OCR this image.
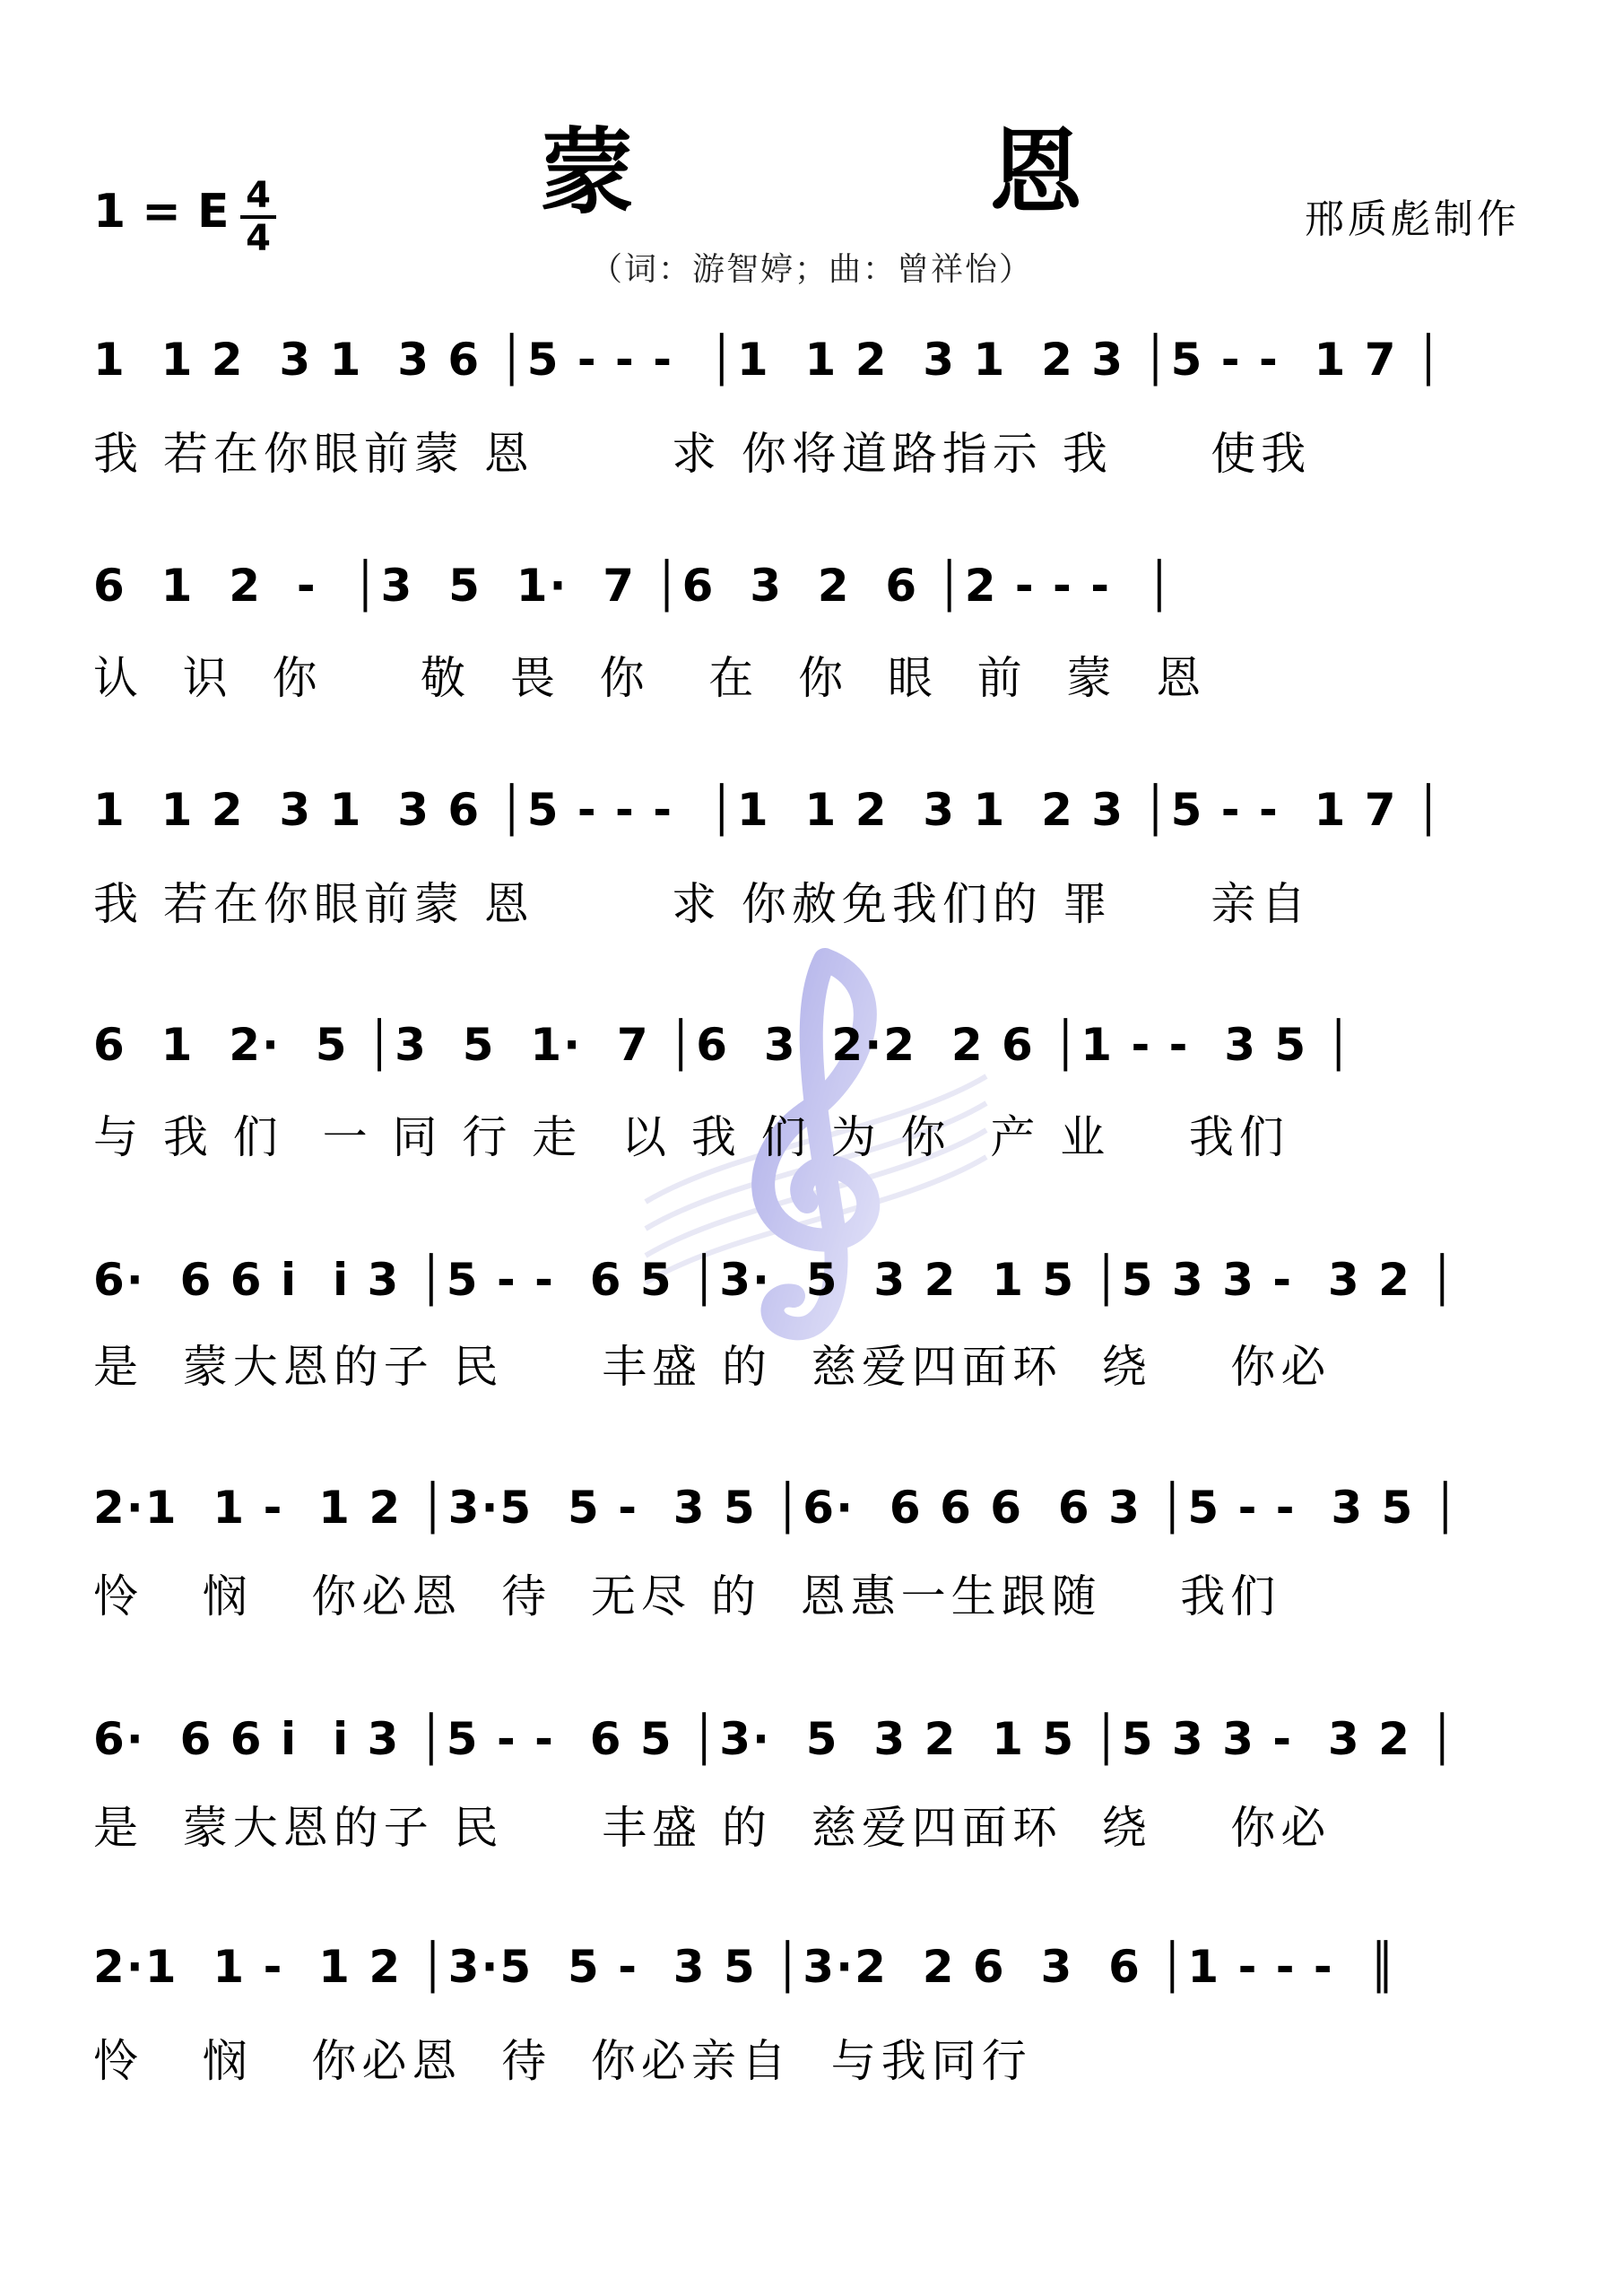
蒙 恩	邢质彪制作
1 = E 4
4
（词：游智婷；曲：曾祥怡）
1  1 2  3 1  3 6 │5 - - -  │1  1 2  3 1  2 3 │5 - -  1 7 │
我 若在你眼前蒙 恩       求 你将道路指示 我     使我
6  1  2  -  │3  5  1·  7 │6  3  2  6 │2 - - -  │
认  识  你     敬  畏  你   在  你  眼  前  蒙  恩
1  1 2  3 1  3 6 │5 - - -  │1  1 2  3 1  2 3 │5 - -  1 7 │
我 若在你眼前蒙 恩       求 你赦免我们的 罪     亲自
6  1  2·  5 │3  5  1·  7 │6  3  2·2  2 6 │1 - -  3 5 │
与 我 们  一 同 行 走  以 我 们 为 你  产 业    我们
6·  6 6 i  i 3 │5 - -  6 5 │3·  5  3 2  1 5 │5 3 3 -  3 2 │
是  蒙大恩的子 民     丰盛 的  慈爱四面环  绕    你必
2·1  1 -  1 2 │3·5  5 -  3 5 │6·  6 6 6  6 3 │5 - -  3 5 │
怜   悯   你必恩  待  无尽 的  恩惠一生跟随    我们
6·  6 6 i  i 3 │5 - -  6 5 │3·  5  3 2  1 5 │5 3 3 -  3 2 │
是  蒙大恩的子 民     丰盛 的  慈爱四面环  绕    你必
2·1  1 -  1 2 │3·5  5 -  3 5 │3·2  2 6  3  6 │1 - - -  ║
怜   悯   你必恩  待  你必亲自  与我同行
